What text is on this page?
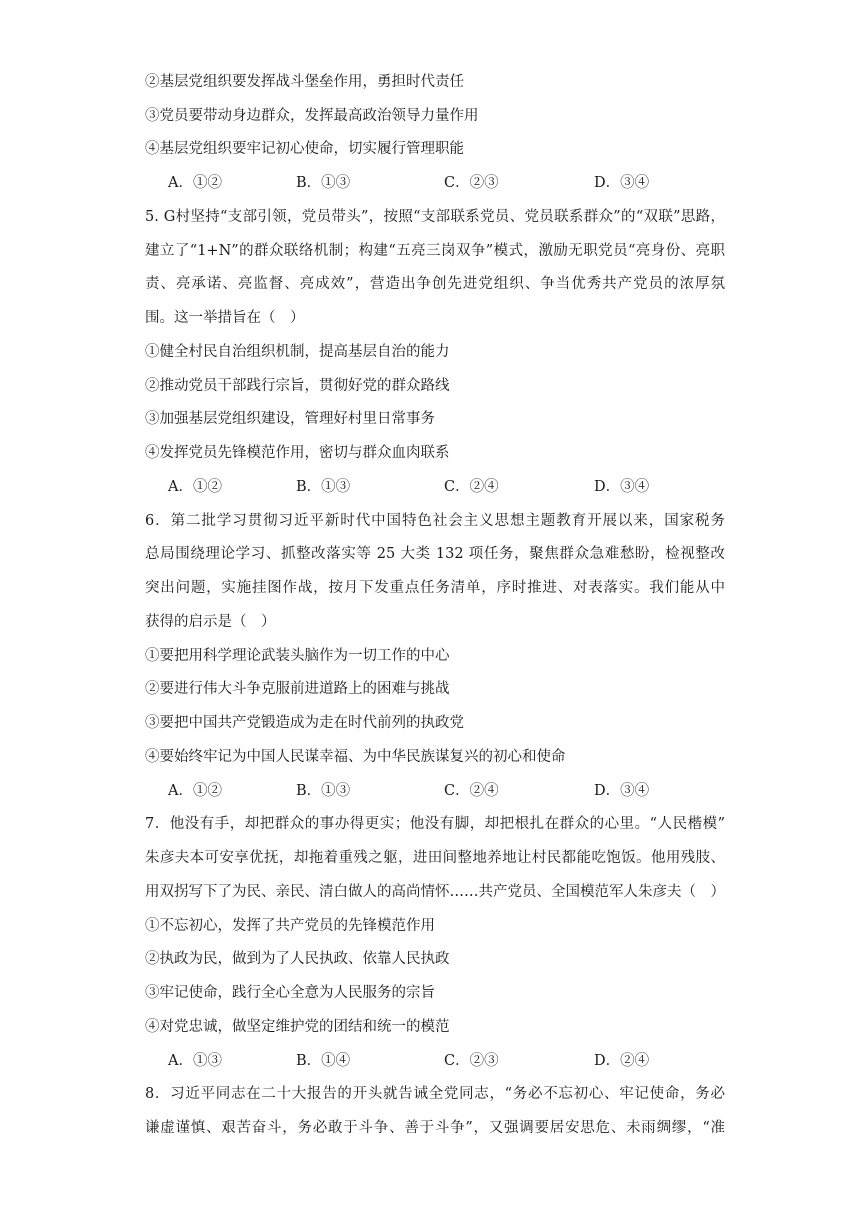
②基层党组织要发挥战斗堡垒作用，勇担时代责任
③党员要带动身边群众，发挥最高政治领导力量作用
④基层党组织要牢记初心使命，切实履行管理职能
A．①②	B．①③	C．②③	D．③④
5. G村坚持“支部引领，党员带头”，按照“支部联系党员、党员联系群众”的“双联”思路，
建立了“1+N”的群众联络机制；构建“五亮三岗双争”模式，激励无职党员“亮身份、亮职
责、亮承诺、亮监督、亮成效”，营造出争创先进党组织、争当优秀共产党员的浓厚氛
围。这一举措旨在（　）
①健全村民自治组织机制，提高基层自治的能力
②推动党员干部践行宗旨，贯彻好党的群众路线
③加强基层党组织建设，管理好村里日常事务
④发挥党员先锋模范作用，密切与群众血肉联系
A．①②	B．①③	C．②④	D．③④
6．第二批学习贯彻习近平新时代中国特色社会主义思想主题教育开展以来，国家税务
总局围绕理论学习、抓整改落实等 25 大类 132 项任务，聚焦群众急难愁盼，检视整改
突出问题，实施挂图作战，按月下发重点任务清单，序时推进、对表落实。我们能从中
获得的启示是（　）
①要把用科学理论武装头脑作为一切工作的中心
②要进行伟大斗争克服前进道路上的困难与挑战
③要把中国共产党锻造成为走在时代前列的执政党
④要始终牢记为中国人民谋幸福、为中华民族谋复兴的初心和使命
A．①②	B．①③	C．②④	D．③④
7．他没有手，却把群众的事办得更实；他没有脚，却把根扎在群众的心里。“人民楷模”
朱彦夫本可安享优抚，却拖着重残之躯，进田间整地养地让村民都能吃饱饭。他用残肢、
用双拐写下了为民、亲民、清白做人的高尚情怀……共产党员、全国模范军人朱彦夫（　）
①不忘初心，发挥了共产党员的先锋模范作用
②执政为民，做到为了人民执政、依靠人民执政
③牢记使命，践行全心全意为人民服务的宗旨
④对党忠诚，做坚定维护党的团结和统一的模范
A．①③	B．①④	C．②③	D．②④
8．习近平同志在二十大报告的开头就告诫全党同志，“务必不忘初心、牢记使命，务必
谦虚谨慎、艰苦奋斗，务必敢于斗争、善于斗争”，又强调要居安思危、未雨绸缪，“准
